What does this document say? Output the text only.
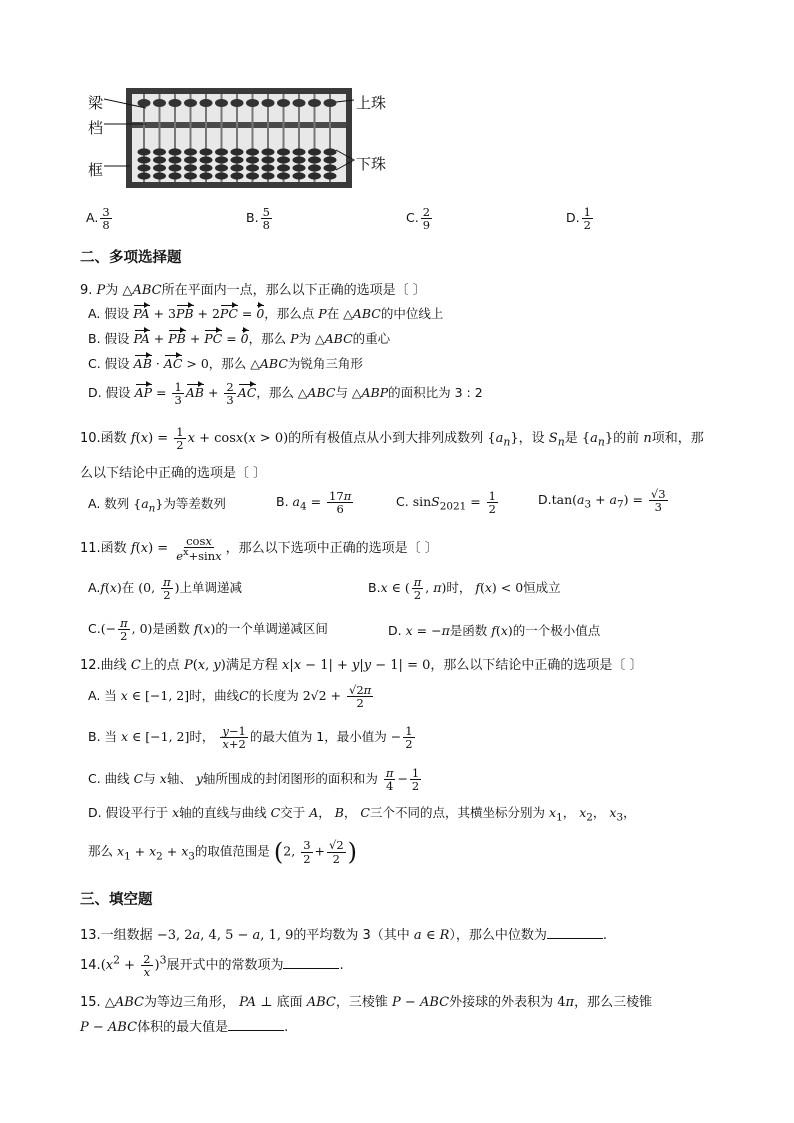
梁
档
框
上珠
下珠
A. $\frac{3}{8}$	B. $\frac{5}{8}$	C. $\frac{2}{9}$	D. $\frac{1}{2}$
二、多项选择题
9. P为 △ABC所在平面内一点，那么以下正确的选项是〔 〕
A. 假设 PA + 3PB + 2PC = 0，那么点 P在 △ABC的中位线上
B. 假设 PA + PB + PC = 0，那么 P为 △ABC的重心
C. 假设 AB · AC > 0，那么 △ABC为锐角三角形
D. 假设 AP = $\frac{1}{3}$ AB + $\frac{2}{3}$ AC，那么 △ABC与 △ABP的面积比为 3 : 2
10.函数 $f(x) = \frac{1}{2}$ x + cosx(x > 0)的所有极值点从小到大排列成数列 $\{a_n\}$，设 $S_n$是 $\{a_n\}$的前 n项和，那
么以下结论中正确的选项是〔 〕
A. 数列 $\{a_n\}$为等差数列	B. $a_4 = \frac{17\pi}{6}$	C. $\sin S_{2021} = \frac{1}{2}$	$D.\tan(a_3 + a_7) = \frac{√3}{3}$
11.函数 $f(x) = \frac{\cos x}{e^x+\sin x}$ ，那么以下选项中正确的选项是〔 〕
A.f(x)在 (0, $\frac{\pi}{2}$ )上单调递减	B.x ∈ ( $\frac{\pi}{2}$ , π)时， f(x) < 0恒成立
$C.(- \frac{\pi}{2}$ , 0)是函数 f(x)的一个单调递减区间	D. x = −π是函数 f(x)的一个极小值点
12.曲线 C上的点 P(x, y)满足方程 x|x − 1| + y|y − 1| = 0，那么以下结论中正确的选项是〔 〕
A. 当 x ∈ [−1, 2]时，曲线C的长度为 $2√2 + \frac{√2\pi}{2}$
B. 当 x ∈ [−1, 2]时， $\frac{y-1}{x+2}$ 的最大值为 1，最小值为 − $\frac{1}{2}$
C. 曲线 C与 x轴、 y轴所围成的封闭图形的面积和为 $\frac{\pi}{4} - \frac{1}{2}$
D. 假设平行于 x轴的直线与曲线 C交于 A， B， C三个不同的点，其横坐标分别为 $x_1$， $x_2$， $x_3$，
那么 $x_1 + x_2 + x_3$的取值范围是 (2, $\frac{3}{2} + \frac{√2}{2}$ )
三、填空题
13.一组数据 −3, 2a, 4, 5 − a, 1, 9的平均数为 3（其中 a ∈ R），那么中位数为	.
$14.(x^2 + \frac{2}{x} )^3$展开式中的常数项为	.
15. △ABC为等边三角形， PA ⊥ 底面 ABC，三棱锥 P − ABC外接球的外表积为 4π，那么三棱锥
P − ABC体积的最大值是	.
